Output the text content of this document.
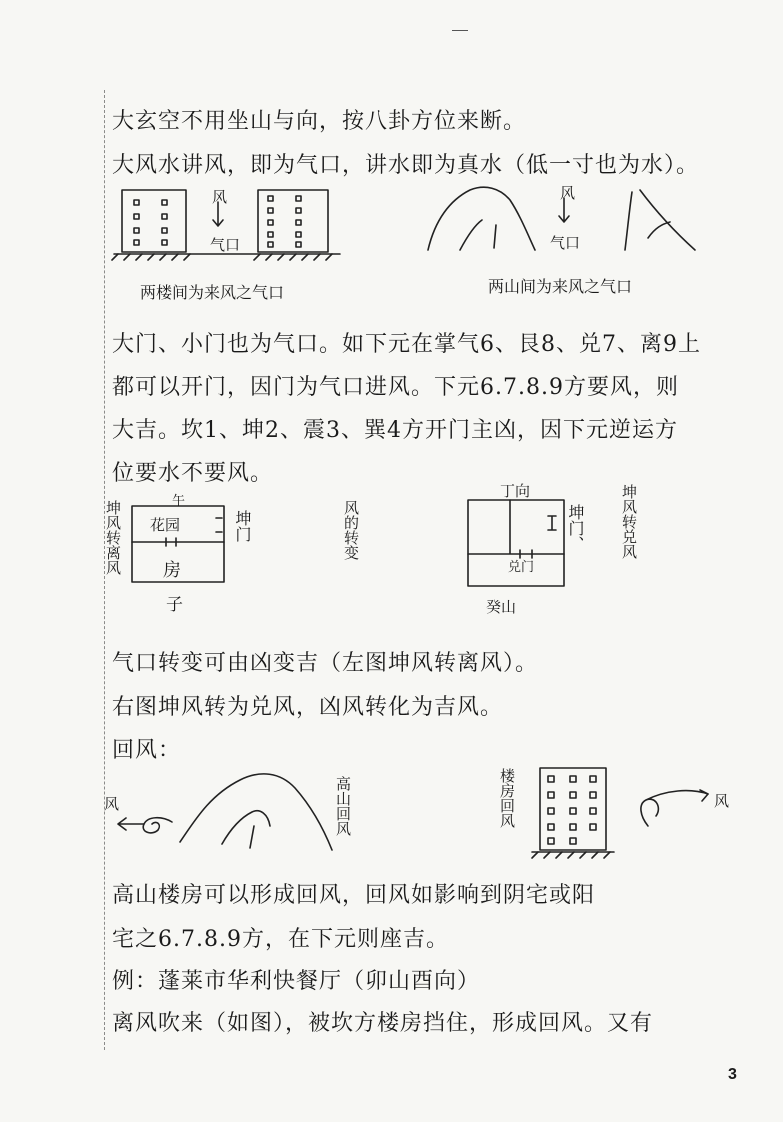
大玄空不用坐山与向，按八卦方位来断。
大风水讲风，即为气口，讲水即为真水（低一寸也为水）。
风
气口
风
气口
两楼间为来风之气口	两山间为来风之气口
大门、小门也为气口。如下元在掌气6、艮8、兑7、离9上
都可以开门，因门为气口进风。下元6.7.8.9方要风，则
大吉。坎1、坤2、震3、巽4方开门主凶，因下元逆运方
位要水不要风。
坤风转离风	午
花园
房
坤门
子
风的转变
丁向
兑门
坤门、 坤风转兑风
癸山
气口转变可由凶变吉（左图坤风转离风）。
右图坤风转为兑风，凶风转化为吉风。
回风：
风	高山回风	楼房回风	风
高山楼房可以形成回风，回风如影响到阴宅或阳
宅之6.7.8.9方，在下元则座吉。
例：蓬莱市华利快餐厅（卯山酉向）
离风吹来（如图），被坎方楼房挡住，形成回风。又有
3
